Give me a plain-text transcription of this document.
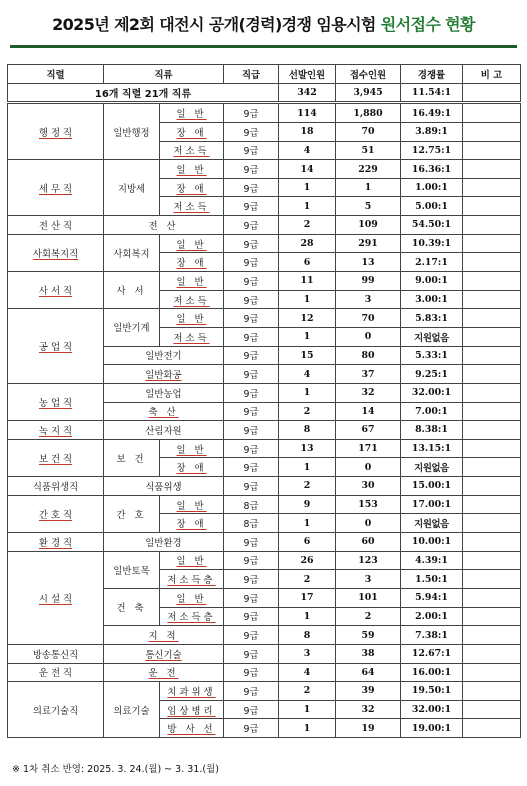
2025년 제2회 대전시 공개(경력)경쟁 임용시험 원서접수 현황
직렬	직류		직급	선발인원	접수인원	경쟁률	비 고
16개 직렬 21개 직류				342	3,945	11.54:1	
행 정 직	일반행정	일 반	9급	114	1,880	16.49:1	
		장 애	9급	18	70	3.89:1	
		저소득	9급	4	51	12.75:1	
세 무 직	지방세	일 반	9급	14	229	16.36:1	
		장 애	9급	1	1	1.00:1	
		저소득	9급	1	5	5.00:1	
전 산 직	전 산		9급	2	109	54.50:1	
사회복지직	사회복지	일 반	9급	28	291	10.39:1	
		장 애	9급	6	13	2.17:1	
사 서 직	사 서	일 반	9급	11	99	9.00:1	
		저소득	9급	1	3	3.00:1	
공 업 직	일반기계	일 반	9급	12	70	5.83:1	
		저소득	9급	1	0	지원없음	
	일반전기		9급	15	80	5.33:1	
	일반화공		9급	4	37	9.25:1	
농 업 직	일반농업		9급	1	32	32.00:1	
	축 산		9급	2	14	7.00:1	
녹 지 직	산림자원		9급	8	67	8.38:1	
보 건 직	보 건	일 반	9급	13	171	13.15:1	
		장 애	9급	1	0	지원없음	
식품위생직	식품위생		9급	2	30	15.00:1	
간 호 직	간 호	일 반	8급	9	153	17.00:1	
		장 애	8급	1	0	지원없음	
환 경 직	일반환경		9급	6	60	10.00:1	
시 설 직	일반토목	일 반	9급	26	123	4.39:1	
		저소득층	9급	2	3	1.50:1	
	건 축	일 반	9급	17	101	5.94:1	
		저소득층	9급	1	2	2.00:1	
	지 적		9급	8	59	7.38:1	
방송통신직	통신기술		9급	3	38	12.67:1	
운 전 직	운 전		9급	4	64	16.00:1	
의료기술직	의료기술	치과위생	9급	2	39	19.50:1	
		임상병리	9급	1	32	32.00:1	
		방 사 선	9급	1	19	19.00:1	
※ 1차 취소 반영: 2025. 3. 24.(월) ~ 3. 31.(월)
